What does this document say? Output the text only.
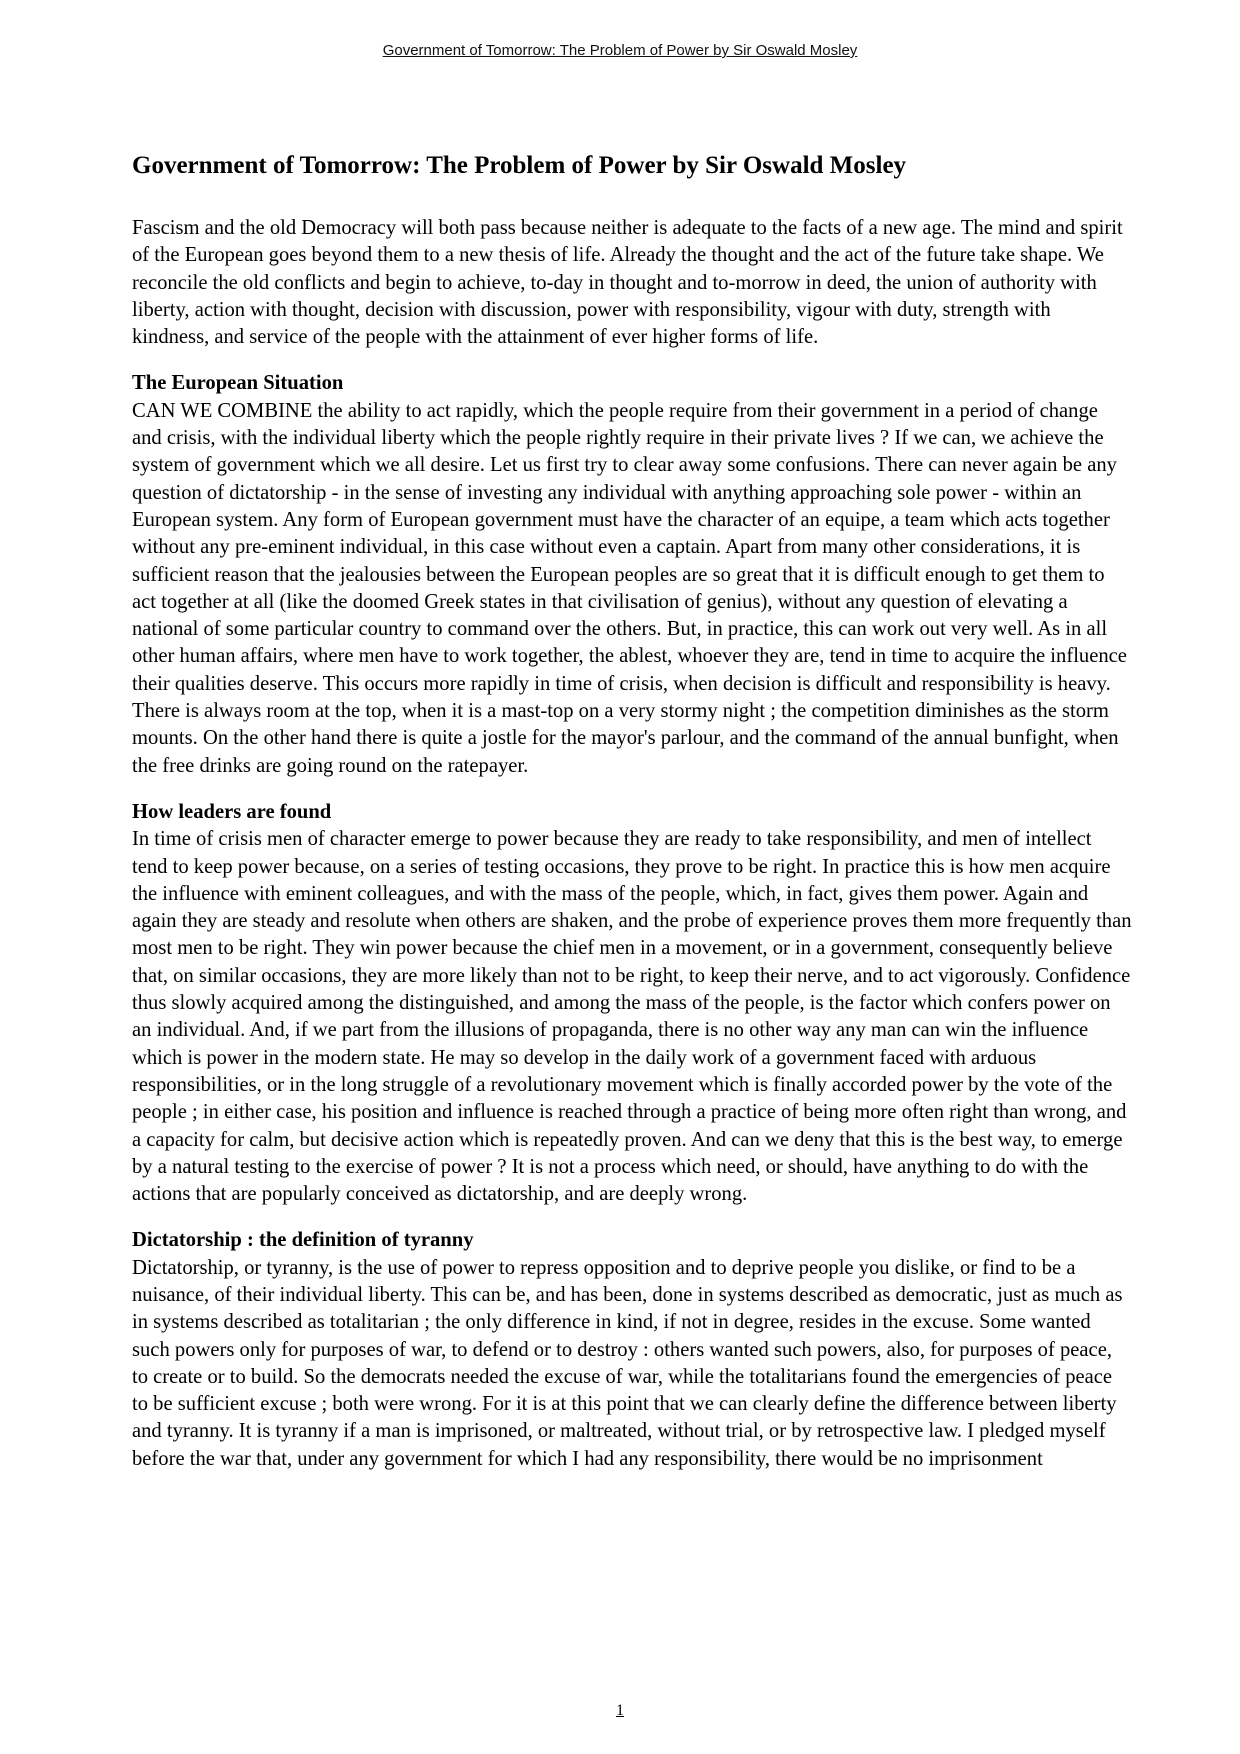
Government of Tomorrow: The Problem of Power by Sir Oswald Mosley
Government of Tomorrow: The Problem of Power by Sir Oswald Mosley

Fascism and the old Democracy will both pass because neither is adequate to the facts of a new age. The mind and spirit of the European goes beyond them to a new thesis of life. Already the thought and the act of the future take shape. We reconcile the old conflicts and begin to achieve, to-day in thought and to-morrow in deed, the union of authority with liberty, action with thought, decision with discussion, power with responsibility, vigour with duty, strength with kindness, and service of the people with the attainment of ever higher forms of life.

The European Situation

CAN WE COMBINE the ability to act rapidly, which the people require from their government in a period of change and crisis, with the individual liberty which the people rightly require in their private lives ? If we can, we achieve the system of government which we all desire. Let us first try to clear away some confusions. There can never again be any question of dictatorship - in the sense of investing any individual with anything approaching sole power - within an European system. Any form of European government must have the character of an equipe, a team which acts together without any pre-eminent individual, in this case without even a captain. Apart from many other considerations, it is sufficient reason that the jealousies between the European peoples are so great that it is difficult enough to get them to act together at all (like the doomed Greek states in that civilisation of genius), without any question of elevating a national of some particular country to command over the others. But, in practice, this can work out very well. As in all other human affairs, where men have to work together, the ablest, whoever they are, tend in time to acquire the influence their qualities deserve. This occurs more rapidly in time of crisis, when decision is difficult and responsibility is heavy. There is always room at the top, when it is a mast-top on a very stormy night ; the competition diminishes as the storm mounts. On the other hand there is quite a jostle for the mayor's parlour, and the command of the annual bunfight, when the free drinks are going round on the ratepayer.

How leaders are found

In time of crisis men of character emerge to power because they are ready to take responsibility, and men of intellect tend to keep power because, on a series of testing occasions, they prove to be right. In practice this is how men acquire the influence with eminent colleagues, and with the mass of the people, which, in fact, gives them power. Again and again they are steady and resolute when others are shaken, and the probe of experience proves them more frequently than most men to be right. They win power because the chief men in a movement, or in a government, consequently believe that, on similar occasions, they are more likely than not to be right, to keep their nerve, and to act vigorously. Confidence thus slowly acquired among the distinguished, and among the mass of the people, is the factor which confers power on an individual. And, if we part from the illusions of propaganda, there is no other way any man can win the influence which is power in the modern state. He may so develop in the daily work of a government faced with arduous responsibilities, or in the long struggle of a revolutionary movement which is finally accorded power by the vote of the people ; in either case, his position and influence is reached through a practice of being more often right than wrong, and a capacity for calm, but decisive action which is repeatedly proven. And can we deny that this is the best way, to emerge by a natural testing to the exercise of power ? It is not a process which need, or should, have anything to do with the actions that are popularly conceived as dictatorship, and are deeply wrong.

Dictatorship : the definition of tyranny

Dictatorship, or tyranny, is the use of power to repress opposition and to deprive people you dislike, or find to be a nuisance, of their individual liberty. This can be, and has been, done in systems described as democratic, just as much as in systems described as totalitarian ; the only difference in kind, if not in degree, resides in the excuse. Some wanted such powers only for purposes of war, to defend or to destroy : others wanted such powers, also, for purposes of peace, to create or to build. So the democrats needed the excuse of war, while the totalitarians found the emergencies of peace to be sufficient excuse ; both were wrong. For it is at this point that we can clearly define the difference between liberty and tyranny. It is tyranny if a man is imprisoned, or maltreated, without trial, or by retrospective law. I pledged myself before the war that, under any government for which I had any responsibility, there would be no imprisonment

1
